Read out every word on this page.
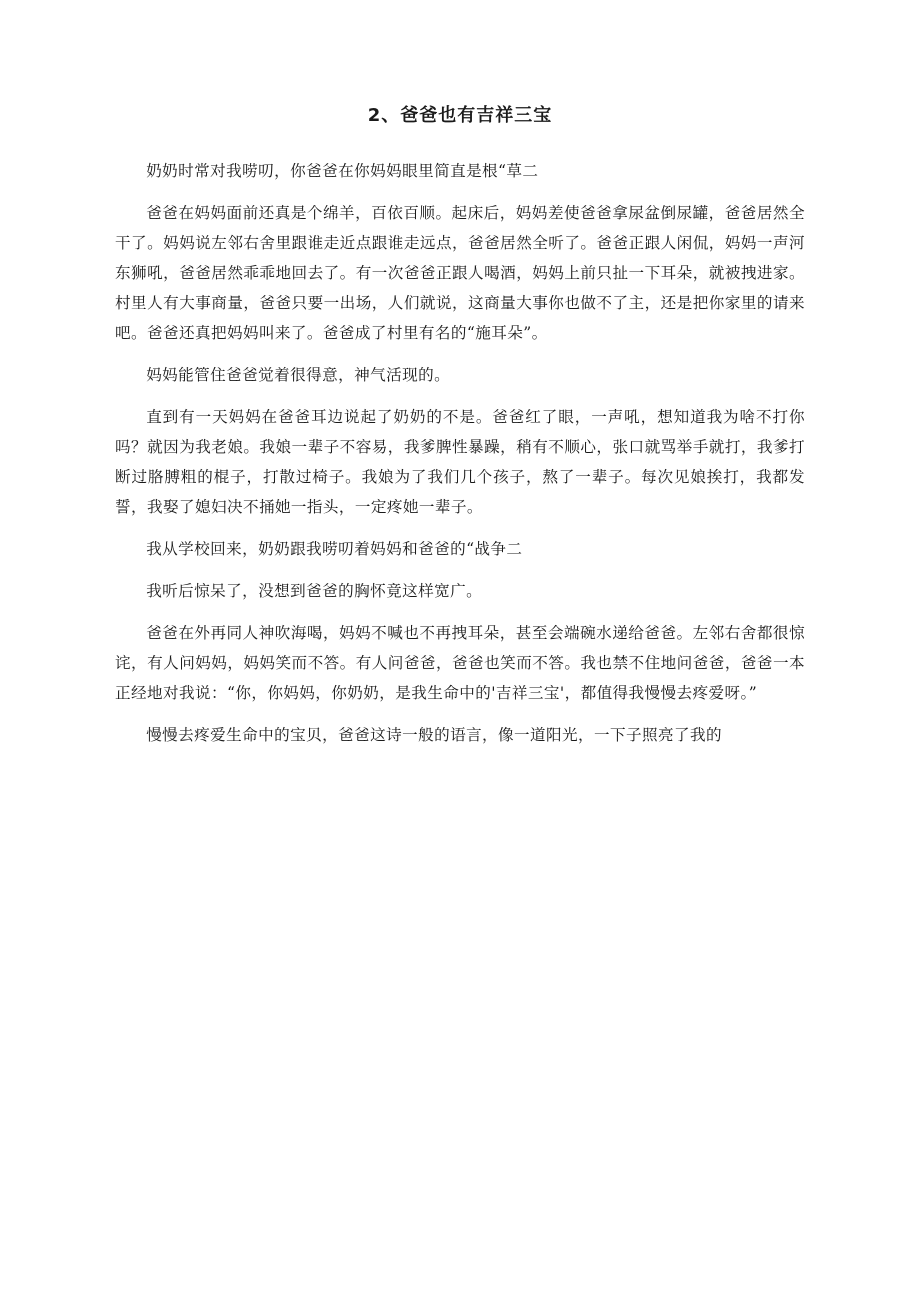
2、爸爸也有吉祥三宝

奶奶时常对我唠叨，你爸爸在你妈妈眼里简直是根“草二

爸爸在妈妈面前还真是个绵羊，百依百顺。起床后，妈妈差使爸爸拿尿盆倒尿罐，爸爸居然全干了。妈妈说左邻右舍里跟谁走近点跟谁走远点，爸爸居然全听了。爸爸正跟人闲侃，妈妈一声河东狮吼，爸爸居然乖乖地回去了。有一次爸爸正跟人喝酒，妈妈上前只扯一下耳朵，就被拽进家。村里人有大事商量，爸爸只要一出场，人们就说，这商量大事你也做不了主，还是把你家里的请来吧。爸爸还真把妈妈叫来了。爸爸成了村里有名的“施耳朵”。

妈妈能管住爸爸觉着很得意，神气活现的。

直到有一天妈妈在爸爸耳边说起了奶奶的不是。爸爸红了眼，一声吼，想知道我为啥不打你吗？就因为我老娘。我娘一辈子不容易，我爹脾性暴躁，稍有不顺心，张口就骂举手就打，我爹打断过胳膊粗的棍子，打散过椅子。我娘为了我们几个孩子，熬了一辈子。每次见娘挨打，我都发誓，我娶了媳妇决不捅她一指头，一定疼她一辈子。

我从学校回来，奶奶跟我唠叨着妈妈和爸爸的“战争二

我听后惊呆了，没想到爸爸的胸怀竟这样宽广。

爸爸在外再同人神吹海喝，妈妈不喊也不再拽耳朵，甚至会端碗水递给爸爸。左邻右舍都很惊诧，有人问妈妈，妈妈笑而不答。有人问爸爸，爸爸也笑而不答。我也禁不住地问爸爸，爸爸一本正经地对我说：“你，你妈妈，你奶奶，是我生命中的'吉祥三宝'，都值得我慢慢去疼爱呀。”

慢慢去疼爱生命中的宝贝，爸爸这诗一般的语言，像一道阳光，一下子照亮了我的
